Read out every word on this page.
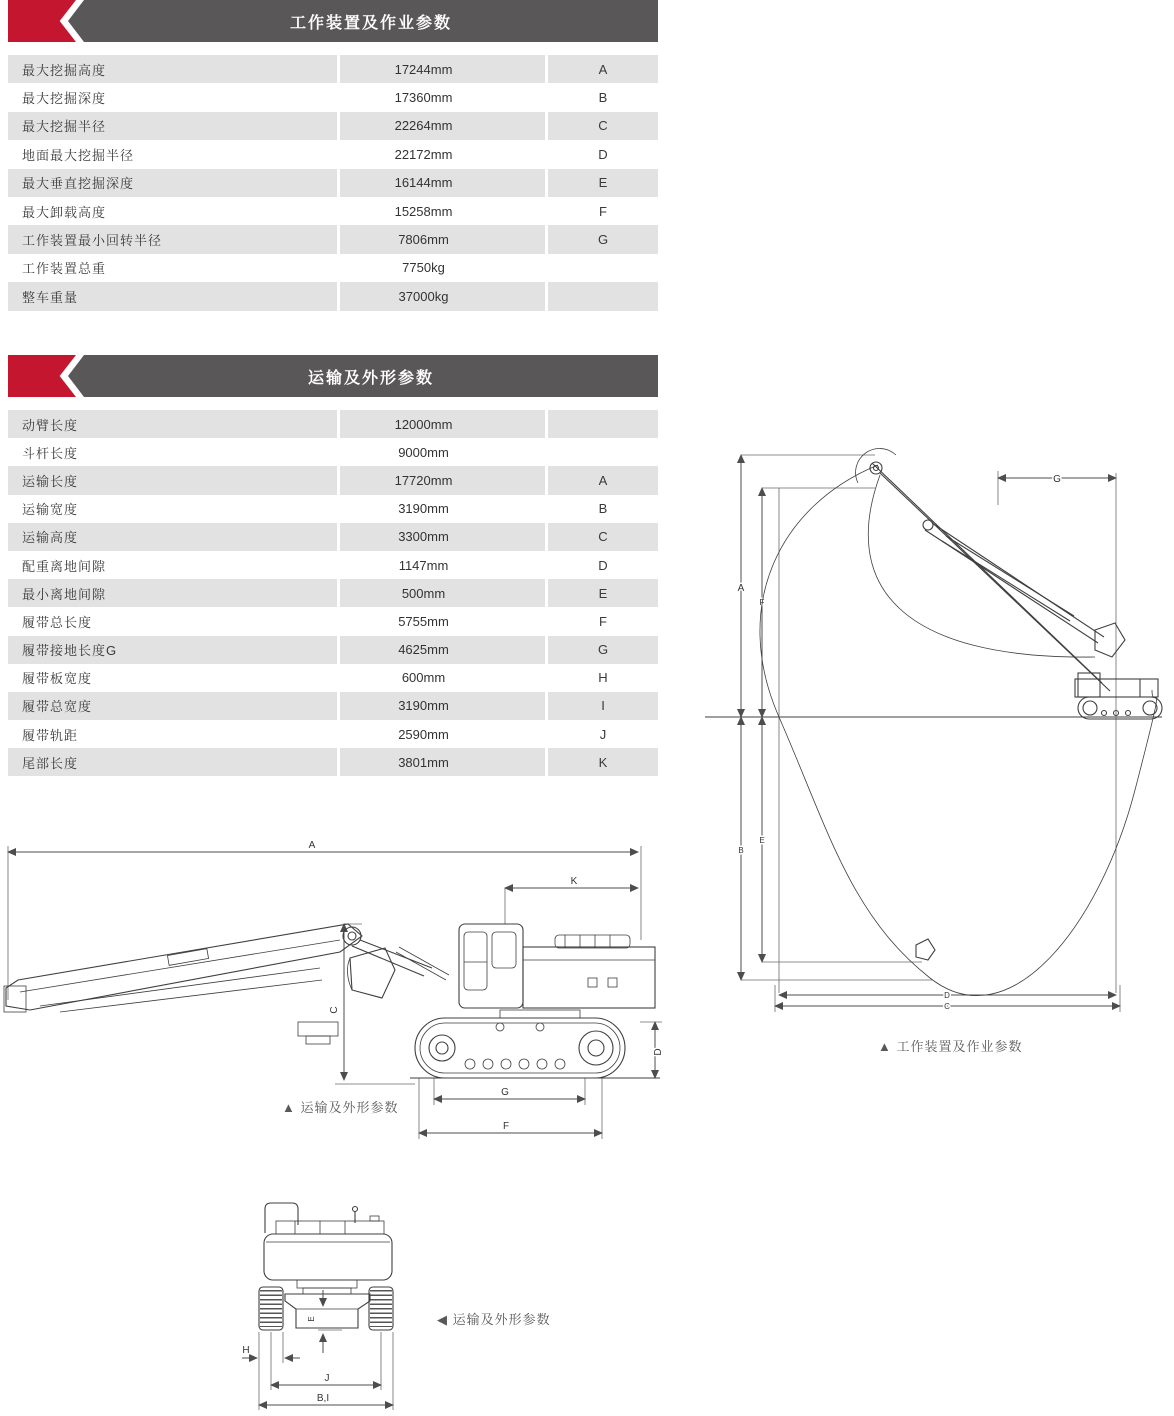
工作装置及作业参数
最大挖掘高度	17244mm	A
最大挖掘深度	17360mm	B
最大挖掘半径	22264mm	C
地面最大挖掘半径	22172mm	D
最大垂直挖掘深度	16144mm	E
最大卸载高度	15258mm	F
工作装置最小回转半径	7806mm	G
工作装置总重	7750kg
整车重量	37000kg
运输及外形参数
动臂长度	12000mm
斗杆长度	9000mm
运输长度	17720mm	A
运输宽度	3190mm	B
运输高度	3300mm	C
配重离地间隙	1147mm	D
最小离地间隙	500mm	E
履带总长度	5755mm	F
履带接地长度G	4625mm	G
履带板宽度	600mm	H
履带总宽度	3190mm	I
履带轨距	2590mm	J
尾部长度	3801mm	K
A
F
B
E
G
D
C
A
K
C
D
G
F
H
E
J
B,I
▲ 工作装置及作业参数
▲ 运输及外形参数
◀ 运输及外形参数
